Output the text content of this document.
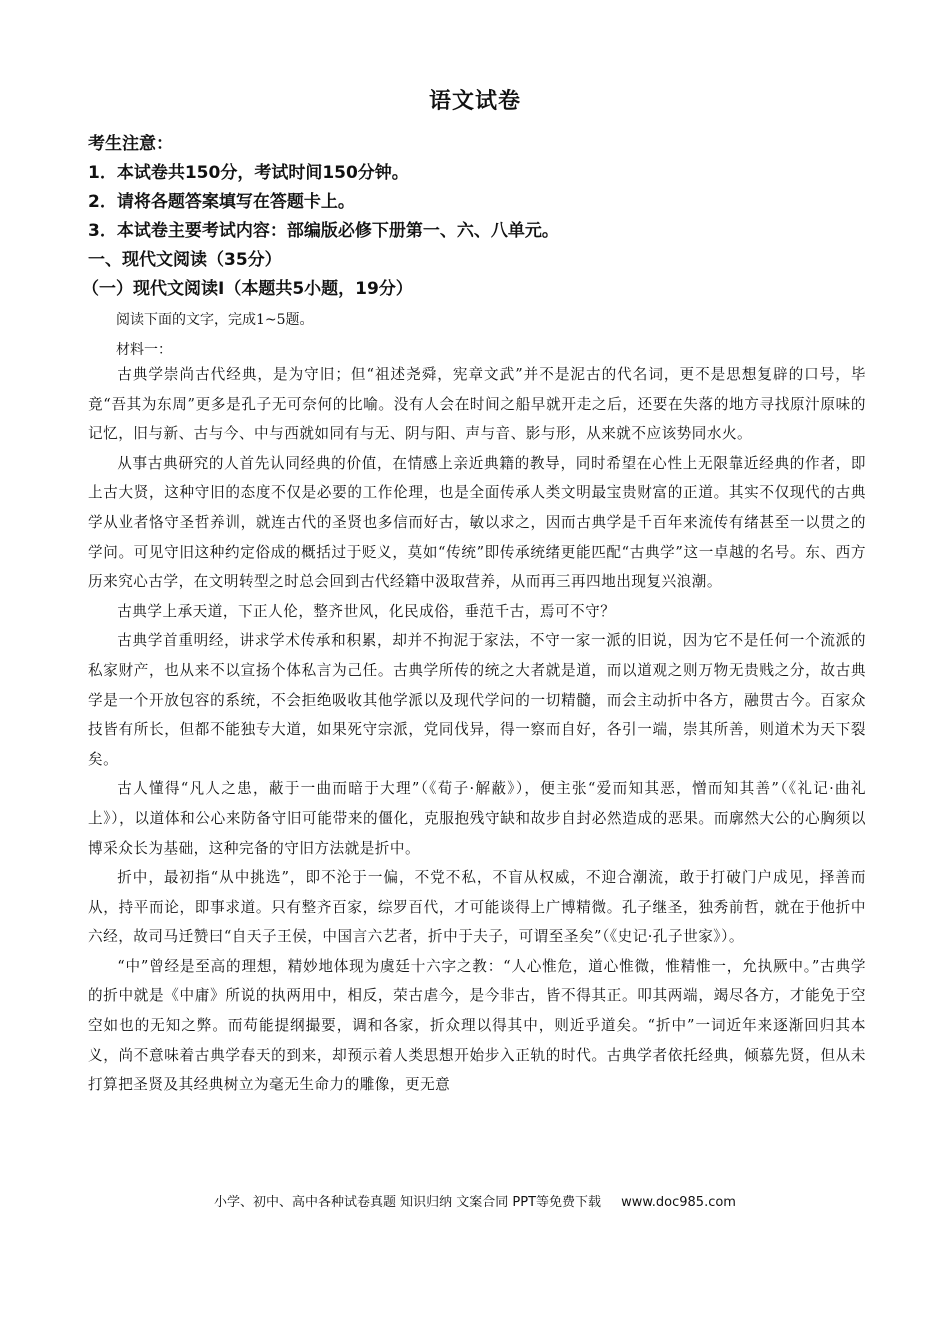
语文试卷
考生注意：
1．本试卷共150分，考试时间150分钟。
2．请将各题答案填写在答题卡上。
3．本试卷主要考试内容：部编版必修下册第一、六、八单元。
一、现代文阅读（35分）
（一）现代文阅读Ⅰ（本题共5小题，19分）
阅读下面的文字，完成1~5题。
材料一：

古典学崇尚古代经典，是为守旧；但“祖述尧舜，宪章文武”并不是泥古的代名词，更不是思想复辟的口号，毕竟“吾其为东周”更多是孔子无可奈何的比喻。没有人会在时间之船早就开走之后，还要在失落的地方寻找原汁原味的记忆，旧与新、古与今、中与西就如同有与无、阴与阳、声与音、影与形，从来就不应该势同水火。

从事古典研究的人首先认同经典的价值，在情感上亲近典籍的教导，同时希望在心性上无限靠近经典的作者，即上古大贤，这种守旧的态度不仅是必要的工作伦理，也是全面传承人类文明最宝贵财富的正道。其实不仅现代的古典学从业者恪守圣哲养训，就连古代的圣贤也多信而好古，敏以求之，因而古典学是千百年来流传有绪甚至一以贯之的学问。可见守旧这种约定俗成的概括过于贬义，莫如“传统”即传承统绪更能匹配“古典学”这一卓越的名号。东、西方历来究心古学，在文明转型之时总会回到古代经籍中汲取营养，从而再三再四地出现复兴浪潮。

古典学上承天道，下正人伦，整齐世风，化民成俗，垂范千古，焉可不守？

古典学首重明经，讲求学术传承和积累，却并不拘泥于家法，不守一家一派的旧说，因为它不是任何一个流派的私家财产，也从来不以宣扬个体私言为己任。古典学所传的统之大者就是道，而以道观之则万物无贵贱之分，故古典学是一个开放包容的系统，不会拒绝吸收其他学派以及现代学问的一切精髓，而会主动折中各方，融贯古今。百家众技皆有所长，但都不能独专大道，如果死守宗派，党同伐异，得一察而自好，各引一端，崇其所善，则道术为天下裂矣。

古人懂得“凡人之患，蔽于一曲而暗于大理”（《荀子·解蔽》），便主张“爱而知其恶，憎而知其善”（《礼记·曲礼上》），以道体和公心来防备守旧可能带来的僵化，克服抱残守缺和故步自封必然造成的恶果。而廓然大公的心胸须以博采众长为基础，这种完备的守旧方法就是折中。

折中，最初指“从中挑选”，即不沦于一偏，不党不私，不盲从权威，不迎合潮流，敢于打破门户成见，择善而从，持平而论，即事求道。只有整齐百家，综罗百代，才可能谈得上广博精微。孔子继圣，独秀前哲，就在于他折中六经，故司马迁赞曰“自天子王侯，中国言六艺者，折中于夫子，可谓至圣矣”（《史记·孔子世家》）。

“中”曾经是至高的理想，精妙地体现为虞廷十六字之教：“人心惟危，道心惟微，惟精惟一，允执厥中。”古典学的折中就是《中庸》所说的执两用中，相反，荣古虐今，是今非古，皆不得其正。叩其两端，竭尽各方，才能免于空空如也的无知之弊。而苟能提纲撮要，调和各家，折众理以得其中，则近乎道矣。“折中”一词近年来逐渐回归其本义，尚不意味着古典学春天的到来，却预示着人类思想开始步入正轨的时代。古典学者依托经典，倾慕先贤，但从未打算把圣贤及其经典树立为毫无生命力的雕像，更无意

小学、初中、高中各种试卷真题 知识归纳 文案合同 PPT等免费下载 www.doc985.com
